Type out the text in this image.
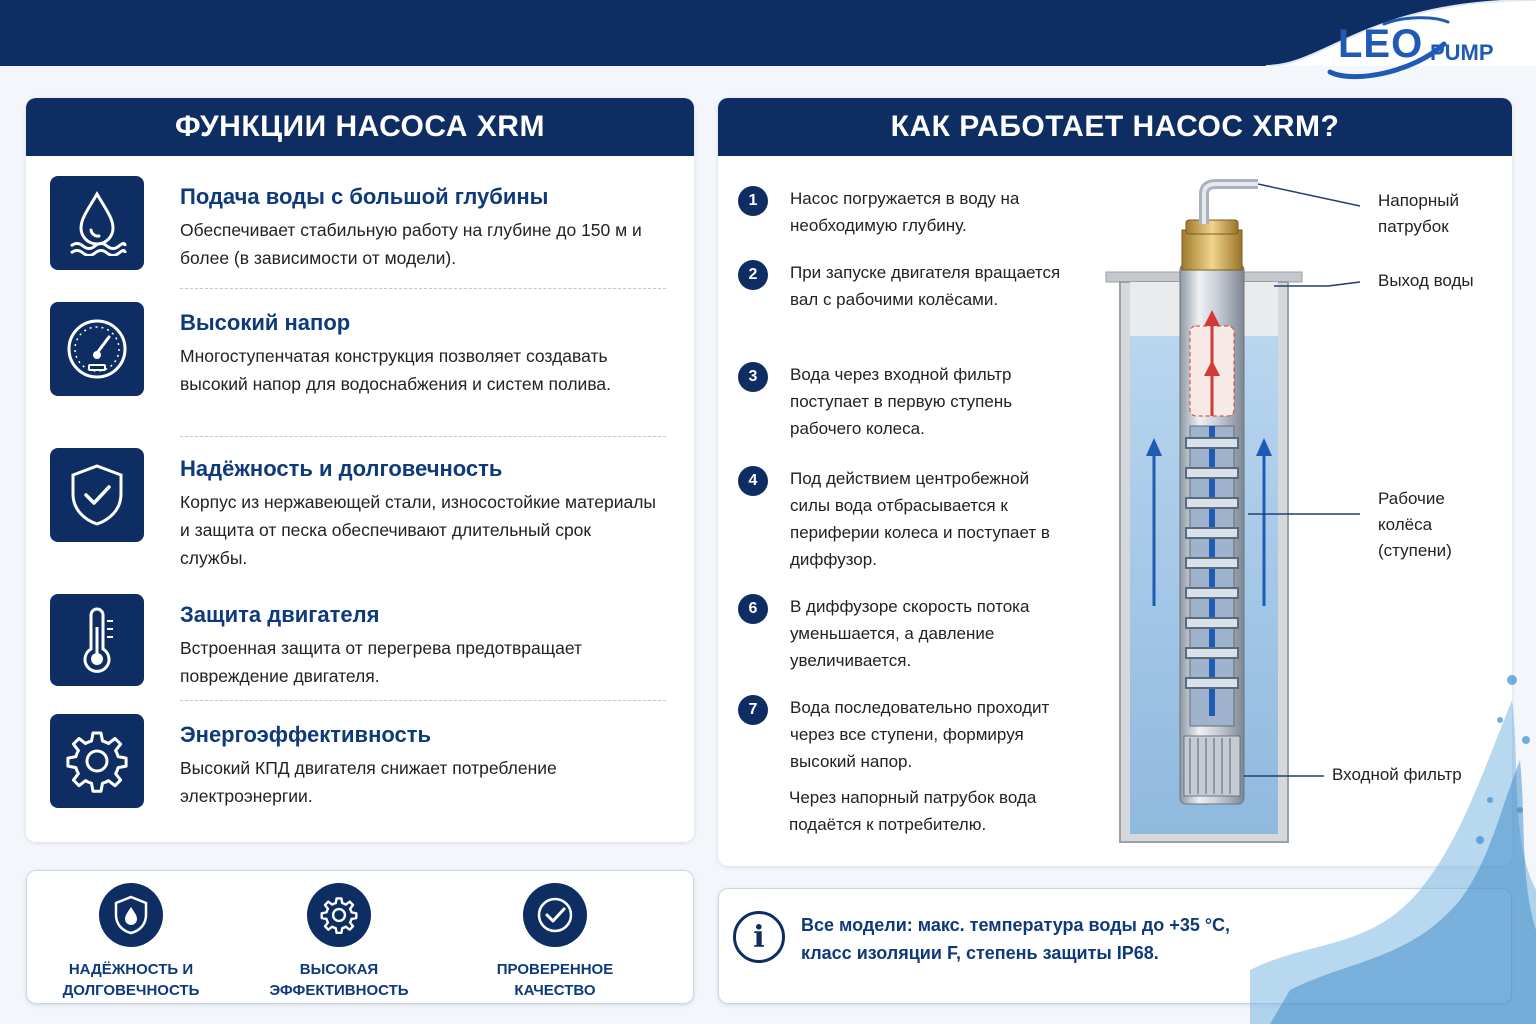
LEO PUMP
ФУНКЦИИ НАСОСА XRM
Подача воды с большой глубины
Обеспечивает стабильную работу на глубине до 150 м и более (в зависимости от модели).
Высокий напор
Многоступенчатая конструкция позволяет создавать высокий напор для водоснабжения и систем полива.
Надёжность и долговечность
Корпус из нержавеющей стали, износостойкие материалы и защита от песка обеспечивают длительный срок службы.
Защита двигателя
Встроенная защита от перегрева предотвращает повреждение двигателя.
Энергоэффективность
Высокий КПД двигателя снижает потребление электроэнергии.
КАК РАБОТАЕТ НАСОС XRM?
1	Насос погружается в воду на необходимую глубину.
2	При запуске двигателя вращается вал с рабочими колёсами.
3	Вода через входной фильтр поступает в первую ступень рабочего колеса.
4	Под действием центробежной силы вода отбрасывается к периферии колеса и поступает в диффузор.
6	В диффузоре скорость потока уменьшается, а давление увеличивается.
7	Вода последовательно проходит через все ступени, формируя высокий напор.
Через напорный патрубок вода подаётся к потребителю.
Напорный патрубок
Выход воды
Рабочие колёса (ступени)
Входной фильтр
НАДЁЖНОСТЬ И ДОЛГОВЕЧНОСТЬ
ВЫСОКАЯ ЭФФЕКТИВНОСТЬ
ПРОВЕРЕННОЕ КАЧЕСТВО
i	Все модели: макс. температура воды до +35 °C, класс изоляции F, степень защиты IP68.
